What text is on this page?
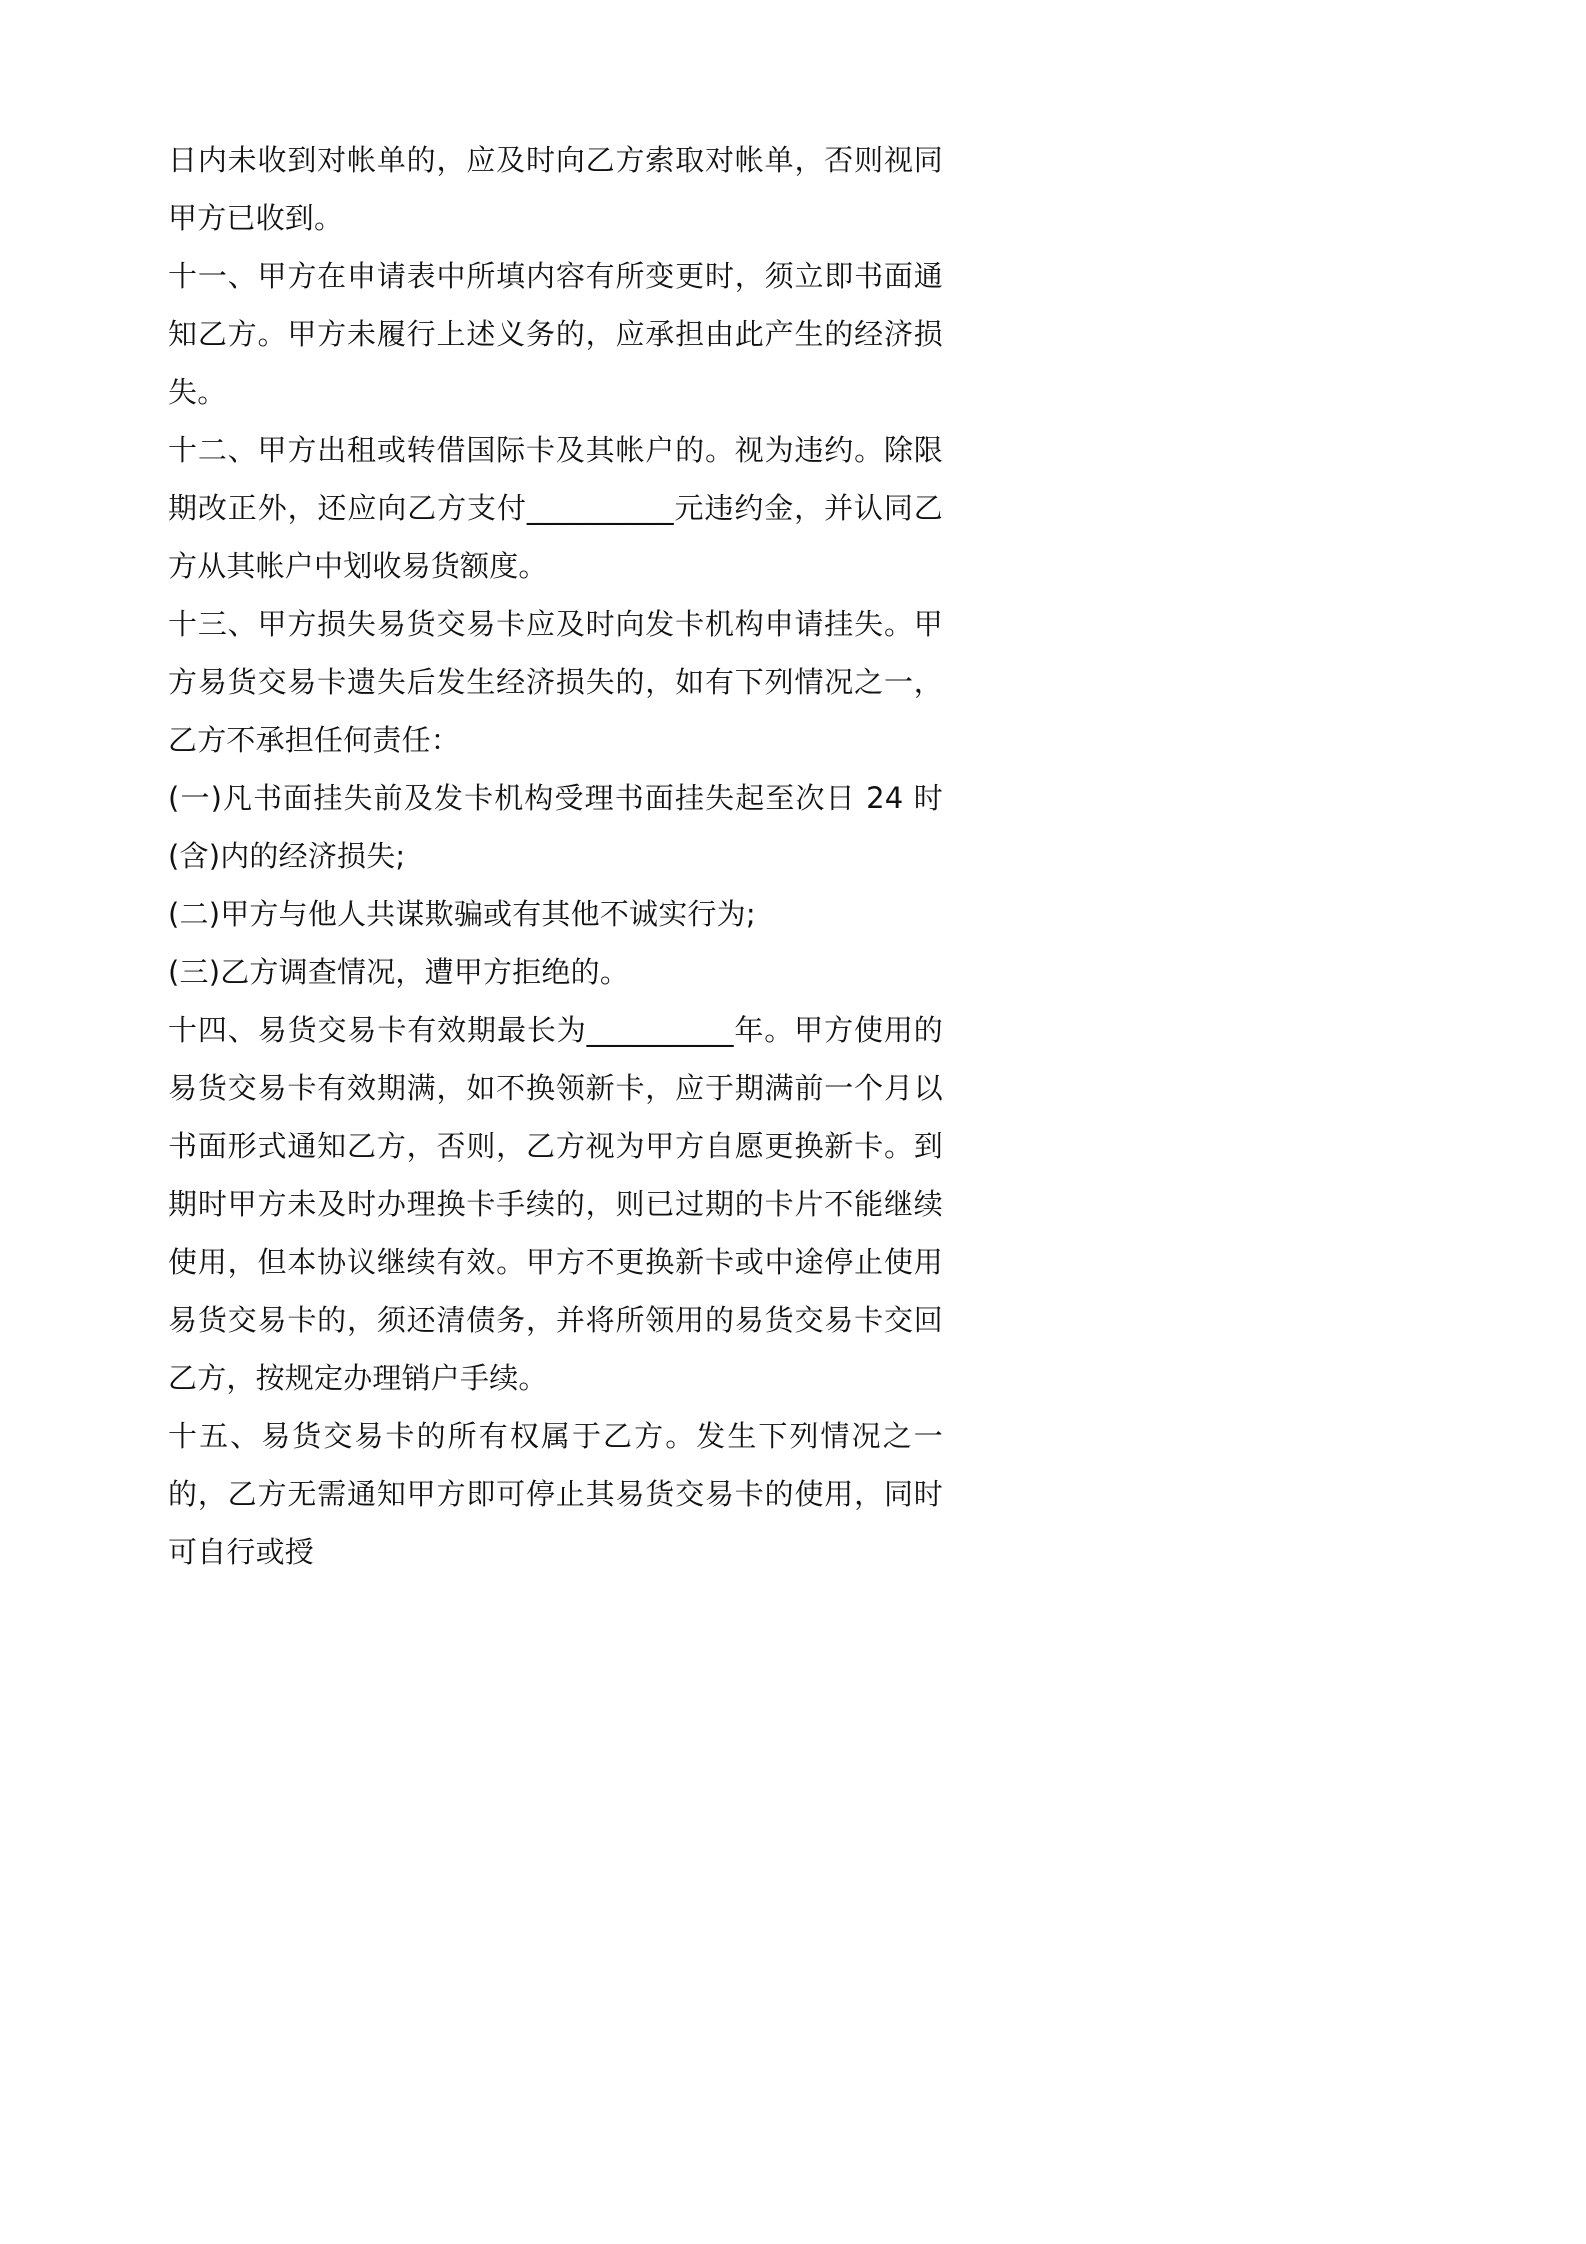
日内未收到对帐单的，应及时向乙方索取对帐单，否则视同甲方已收到。

十一、甲方在申请表中所填内容有所变更时，须立即书面通知乙方。甲方未履行上述义务的，应承担由此产生的经济损失。

十二、甲方出租或转借国际卡及其帐户的。视为违约。除限期改正外，还应向乙方支付__________元违约金，并认同乙方从其帐户中划收易货额度。

十三、甲方损失易货交易卡应及时向发卡机构申请挂失。甲方易货交易卡遗失后发生经济损失的，如有下列情况之一，乙方不承担任何责任：

(一)凡书面挂失前及发卡机构受理书面挂失起至次日 24 时(含)内的经济损失;

(二)甲方与他人共谋欺骗或有其他不诚实行为;

(三)乙方调查情况，遭甲方拒绝的。

十四、易货交易卡有效期最长为__________年。甲方使用的易货交易卡有效期满，如不换领新卡，应于期满前一个月以书面形式通知乙方，否则，乙方视为甲方自愿更换新卡。到期时甲方未及时办理换卡手续的，则已过期的卡片不能继续使用，但本协议继续有效。甲方不更换新卡或中途停止使用易货交易卡的，须还清债务，并将所领用的易货交易卡交回乙方，按规定办理销户手续。

十五、易货交易卡的所有权属于乙方。发生下列情况之一的，乙方无需通知甲方即可停止其易货交易卡的使用，同时可自行或授
